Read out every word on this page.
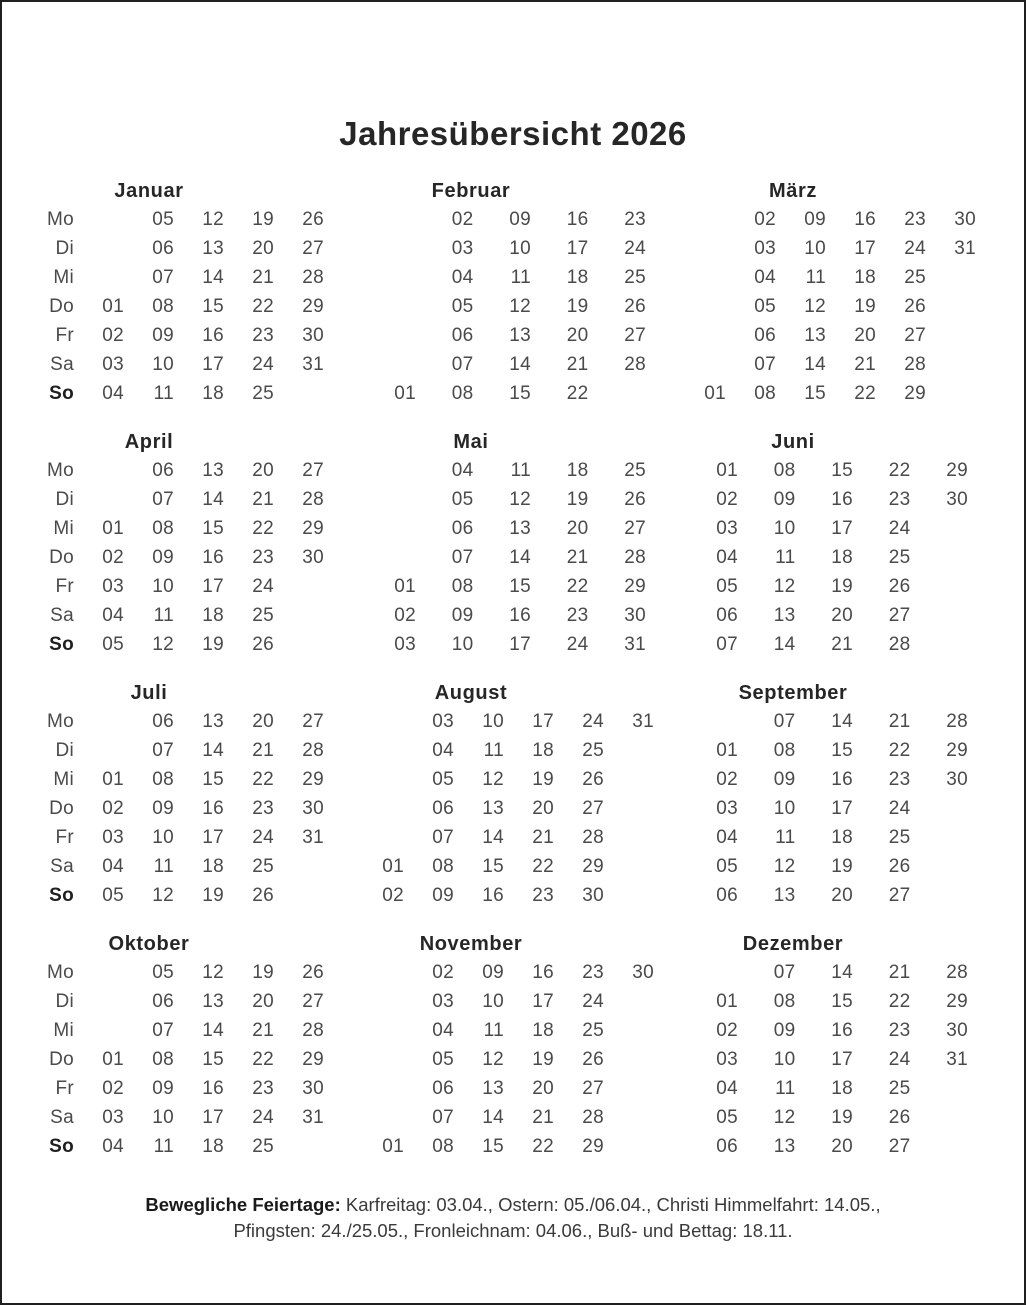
Jahresübersicht 2026
Januar
Mo		05	12	19	26
Di		06	13	20	27
Mi		07	14	21	28
Do	01	08	15	22	29
Fr	02	09	16	23	30
Sa	03	10	17	24	31
So	04	11	18	25	
Februar
		02	09	16	23
		03	10	17	24
		04	11	18	25
		05	12	19	26
		06	13	20	27
		07	14	21	28
	01	08	15	22	
März
		02	09	16	23	30
		03	10	17	24	31
		04	11	18	25	
		05	12	19	26	
		06	13	20	27	
		07	14	21	28	
	01	08	15	22	29	
April
Mo		06	13	20	27
Di		07	14	21	28
Mi	01	08	15	22	29
Do	02	09	16	23	30
Fr	03	10	17	24	
Sa	04	11	18	25	
So	05	12	19	26	
Mai
		04	11	18	25
		05	12	19	26
		06	13	20	27
		07	14	21	28
	01	08	15	22	29
	02	09	16	23	30
	03	10	17	24	31
Juni
	01	08	15	22	29
	02	09	16	23	30
	03	10	17	24	
	04	11	18	25	
	05	12	19	26	
	06	13	20	27	
	07	14	21	28	
Juli
Mo		06	13	20	27
Di		07	14	21	28
Mi	01	08	15	22	29
Do	02	09	16	23	30
Fr	03	10	17	24	31
Sa	04	11	18	25	
So	05	12	19	26	
August
		03	10	17	24	31
		04	11	18	25	
		05	12	19	26	
		06	13	20	27	
		07	14	21	28	
	01	08	15	22	29	
	02	09	16	23	30	
September
		07	14	21	28
	01	08	15	22	29
	02	09	16	23	30
	03	10	17	24	
	04	11	18	25	
	05	12	19	26	
	06	13	20	27	
Oktober
Mo		05	12	19	26
Di		06	13	20	27
Mi		07	14	21	28
Do	01	08	15	22	29
Fr	02	09	16	23	30
Sa	03	10	17	24	31
So	04	11	18	25	
November
		02	09	16	23	30
		03	10	17	24	
		04	11	18	25	
		05	12	19	26	
		06	13	20	27	
		07	14	21	28	
	01	08	15	22	29	
Dezember
		07	14	21	28
	01	08	15	22	29
	02	09	16	23	30
	03	10	17	24	31
	04	11	18	25	
	05	12	19	26	
	06	13	20	27	
Bewegliche Feiertage: Karfreitag: 03.04., Ostern: 05./06.04., Christi Himmelfahrt: 14.05.,
Pfingsten: 24./25.05., Fronleichnam: 04.06., Buß- und Bettag: 18.11.
